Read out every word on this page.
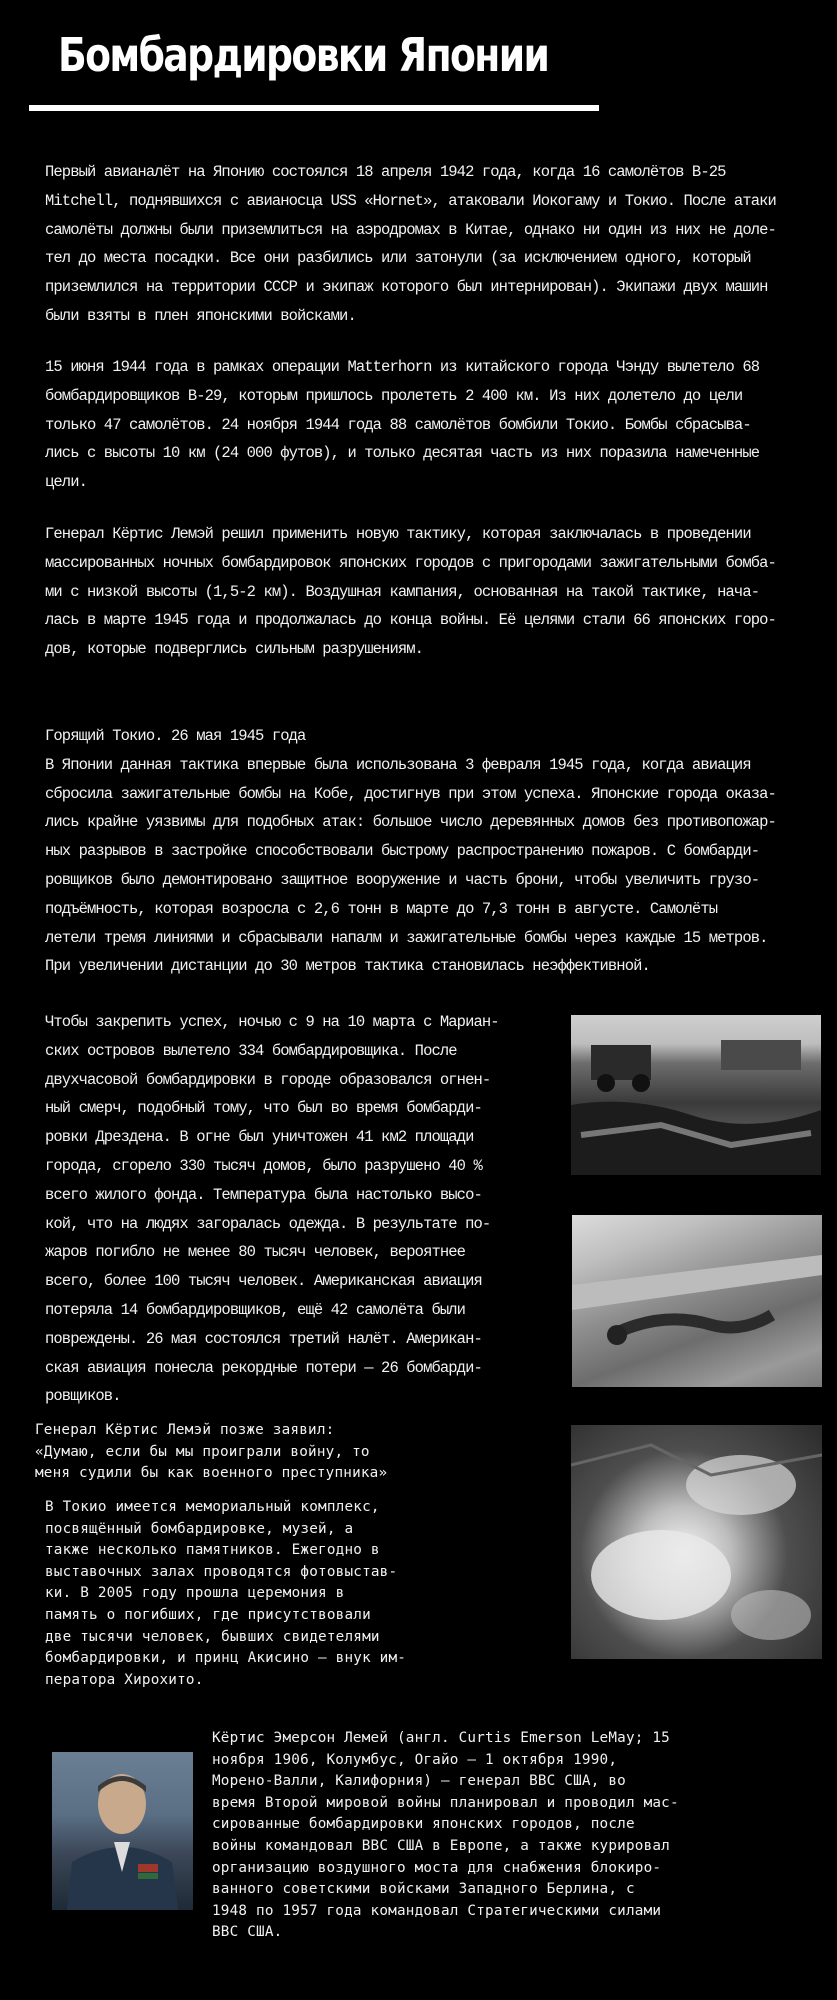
Бомбардировки Японии
Первый авианалёт на Японию состоялся 18 апреля 1942 года, когда 16 самолётов B-25
Mitchell, поднявшихся с авианосца USS «Hornet», атаковали Иокогаму и Токио. После атаки
самолёты должны были приземлиться на аэродромах в Китае, однако ни один из них не доле-
тел до места посадки. Все они разбились или затонули (за исключением одного, который
приземлился на территории СССР и экипаж которого был интернирован). Экипажи двух машин
были взяты в плен японскими войсками.
15 июня 1944 года в рамках операции Matterhorn из китайского города Чэнду вылетело 68
бомбардировщиков B-29, которым пришлось пролететь 2 400 км. Из них долетело до цели
только 47 самолётов. 24 ноября 1944 года 88 самолётов бомбили Токио. Бомбы сбрасыва-
лись с высоты 10 км (24 000 футов), и только десятая часть из них поразила намеченные
цели.
Генерал Кёртис Лемэй решил применить новую тактику, которая заключалась в проведении
массированных ночных бомбардировок японских городов с пригородами зажигательными бомба-
ми с низкой высоты (1,5-2 км). Воздушная кампания, основанная на такой тактике, нача-
лась в марте 1945 года и продолжалась до конца войны. Её целями стали 66 японских горо-
дов, которые подверглись сильным разрушениям.
Горящий Токио. 26 мая 1945 года
В Японии данная тактика впервые была использована 3 февраля 1945 года, когда авиация
сбросила зажигательные бомбы на Кобе, достигнув при этом успеха. Японские города оказа-
лись крайне уязвимы для подобных атак: большое число деревянных домов без противопожар-
ных разрывов в застройке способствовали быстрому распространению пожаров. С бомбарди-
ровщиков было демонтировано защитное вооружение и часть брони, чтобы увеличить грузо-
подъёмность, которая возросла с 2,6 тонн в марте до 7,3 тонн в августе. Самолёты
летели тремя линиями и сбрасывали напалм и зажигательные бомбы через каждые 15 метров.
При увеличении дистанции до 30 метров тактика становилась неэффективной.
Чтобы закрепить успех, ночью с 9 на 10 марта с Мариан-
ских островов вылетело 334 бомбардировщика. После
двухчасовой бомбардировки в городе образовался огнен-
ный смерч, подобный тому, что был во время бомбарди-
ровки Дрездена. В огне был уничтожен 41 км2 площади
города, сгорело 330 тысяч домов, было разрушено 40 %
всего жилого фонда. Температура была настолько высо-
кой, что на людях загоралась одежда. В результате по-
жаров погибло не менее 80 тысяч человек, вероятнее
всего, более 100 тысяч человек. Американская авиация
потеряла 14 бомбардировщиков, ещё 42 самолёта были
повреждены. 26 мая состоялся третий налёт. Американ-
ская авиация понесла рекордные потери — 26 бомбарди-
ровщиков.
Генерал Кёртис Лемэй позже заявил:
«Думаю, если бы мы проиграли войну, то
меня судили бы как военного преступника»
В Токио имеется мемориальный комплекс,
посвящённый бомбардировке, музей, а
также несколько памятников. Ежегодно в
выставочных залах проводятся фотовыстав-
ки. В 2005 году прошла церемония в
память о погибших, где присутствовали
две тысячи человек, бывших свидетелями
бомбардировки, и принц Акисино — внук им-
ператора Хирохито.
Кёртис Эмерсон Лемей (англ. Curtis Emerson LeMay; 15
ноября 1906, Колумбус, Огайо — 1 октября 1990,
Морено-Валли, Калифорния) — генерал ВВС США, во
время Второй мировой войны планировал и проводил мас-
сированные бомбардировки японских городов, после
войны командовал ВВС США в Европе, а также курировал
организацию воздушного моста для снабжения блокиро-
ванного советскими войсками Западного Берлина, с
1948 по 1957 года командовал Стратегическими силами
ВВС США.
